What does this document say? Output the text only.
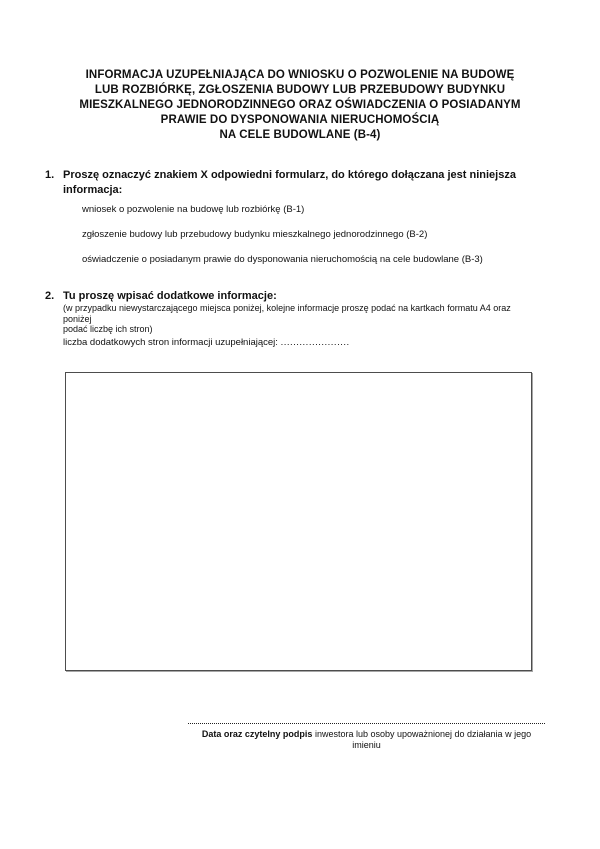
INFORMACJA UZUPEŁNIAJĄCA DO WNIOSKU O POZWOLENIE NA BUDOWĘ
LUB ROZBIÓRKĘ, ZGŁOSZENIA BUDOWY LUB PRZEBUDOWY BUDYNKU
MIESZKALNEGO JEDNORODZINNEGO ORAZ OŚWIADCZENIA O POSIADANYM
PRAWIE DO DYSPONOWANIA NIERUCHOMOŚCIĄ
NA CELE BUDOWLANE (B-4)
1. Proszę oznaczyć znakiem X odpowiedni formularz, do którego dołączana jest niniejsza
informacja:
wniosek o pozwolenie na budowę lub rozbiórkę (B-1)
zgłoszenie budowy lub przebudowy budynku mieszkalnego jednorodzinnego (B-2)
oświadczenie o posiadanym prawie do dysponowania nieruchomością na cele budowlane (B-3)
2. Tu proszę wpisać dodatkowe informacje:
(w przypadku niewystarczającego miejsca poniżej, kolejne informacje proszę podać na kartkach formatu A4 oraz poniżej
podać liczbę ich stron)
liczba dodatkowych stron informacji uzupełniającej: ......................
Data oraz czytelny podpis inwestora lub osoby upoważnionej do działania w jego imieniu
